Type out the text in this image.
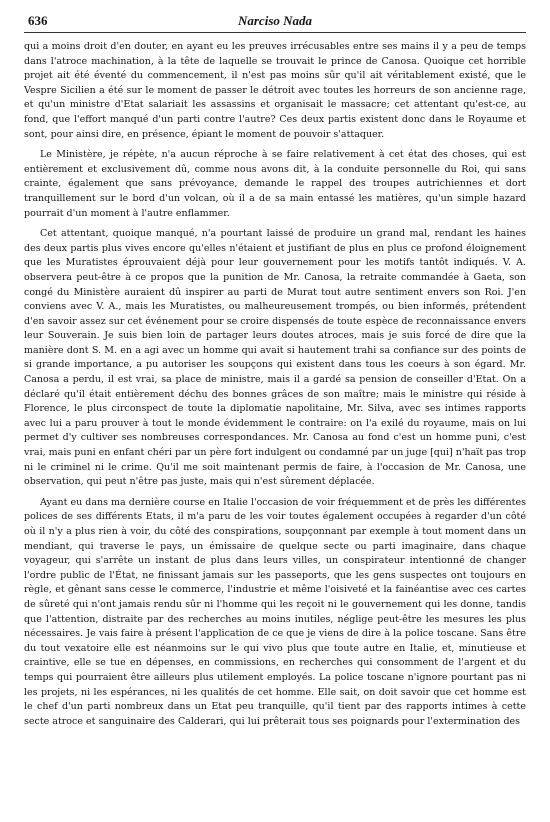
636	Narciso Nada

qui a moins droit d'en douter, en ayant eu les preuves irrécusables entre ses mains il y a peu de temps dans l'atroce machination, à la tête de laquelle se trouvait le prince de Canosa. Quoique cet horrible projet ait été éventé du commencement, il n'est pas moins sûr qu'il ait véritablement existé, que le Vespre Sicilien a été sur le moment de passer le détroit avec toutes les horreurs de son ancienne rage, et qu'un ministre d'Etat salariait les assassins et organisait le massacre; cet attentant qu'est-ce, au fond, que l'effort manqué d'un parti contre l'autre? Ces deux partis existent donc dans le Royaume et sont, pour ainsi dire, en présence, épiant le moment de pouvoir s'attaquer.

Le Ministère, je répète, n'a aucun réproche à se faire relativement à cet état des choses, qui est entièrement et exclusivement dû, comme nous avons dit, à la conduite personnelle du Roi, qui sans crainte, également que sans prévoyance, demande le rappel des troupes autrichiennes et dort tranquillement sur le bord d'un volcan, où il a de sa main entassé les matières, qu'un simple hazard pourrait d'un moment à l'autre enflammer.

Cet attentant, quoique manqué, n'a pourtant laissé de produire un grand mal, rendant les haines des deux partis plus vives encore qu'elles n'étaient et justifiant de plus en plus ce profond éloignement que les Muratistes éprouvaient déjà pour leur gouvernement pour les motifs tantôt indiqués. V. A. observera peut-être à ce propos que la punition de Mr. Canosa, la retraite commandée à Gaeta, son congé du Ministère auraient dû inspirer au parti de Murat tout autre sentiment envers son Roi. J'en conviens avec V. A., mais les Muratistes, ou malheureusement trompés, ou bien informés, prétendent d'en savoir assez sur cet événement pour se croire dispensés de toute espèce de reconnaissance envers leur Souverain. Je suis bien loin de partager leurs doutes atroces, mais je suis forcé de dire que la manière dont S. M. en a agi avec un homme qui avait si hautement trahi sa confiance sur des points de si grande importance, a pu autoriser les soupçons qui existent dans tous les coeurs à son égard. Mr. Canosa a perdu, il est vrai, sa place de ministre, mais il a gardé sa pension de conseiller d'Etat. On a déclaré qu'il était entièrement déchu des bonnes grâces de son maître; mais le ministre qui réside à Florence, le plus circonspect de toute la diplomatie napolitaine, Mr. Silva, avec ses intimes rapports avec lui a paru prouver à tout le monde évidemment le contraire: on l'a exilé du royaume, mais on lui permet d'y cultiver ses nombreuses correspondances. Mr. Canosa au fond c'est un homme puni, c'est vrai, mais puni en enfant chéri par un père fort indulgent ou condamné par un juge [qui] n'haït pas trop ni le criminel ni le crime. Qu'il me soit maintenant permis de faire, à l'occasion de Mr. Canosa, une observation, qui peut n'être pas juste, mais qui n'est sûrement déplacée.

Ayant eu dans ma dernière course en Italie l'occasion de voir fréquemment et de près les différentes polices de ses différents Etats, il m'a paru de les voir toutes également occupées à regarder d'un côté où il n'y a plus rien à voir, du côté des conspirations, soupçonnant par exemple à tout moment dans un mendiant, qui traverse le pays, un émissaire de quelque secte ou parti imaginaire, dans chaque voyageur, qui s'arrête un instant de plus dans leurs villes, un conspirateur intentionné de changer l'ordre public de l'État, ne finissant jamais sur les passeports, que les gens suspectes ont toujours en règle, et gênant sans cesse le commerce, l'industrie et même l'oisiveté et la fainéantise avec ces cartes de sûreté qui n'ont jamais rendu sûr ni l'homme qui les reçoit ni le gouvernement qui les donne, tandis que l'attention, distraite par des recherches au moins inutiles, néglige peut-être les mesures les plus nécessaires. Je vais faire à présent l'application de ce que je viens de dire à la police toscane. Sans être du tout vexatoire elle est néanmoins sur le qui vivo plus que toute autre en Italie, et, minutieuse et craintive, elle se tue en dépenses, en commissions, en recherches qui consomment de l'argent et du temps qui pourraient être ailleurs plus utilement employés. La police toscane n'ignore pourtant pas ni les projets, ni les espérances, ni les qualités de cet homme. Elle sait, on doit savoir que cet homme est le chef d'un parti nombreux dans un Etat peu tranquille, qu'il tient par des rapports intimes à cette secte atroce et sanguinaire des Calderari, qui lui prêterait tous ses poignards pour l'extermination des
